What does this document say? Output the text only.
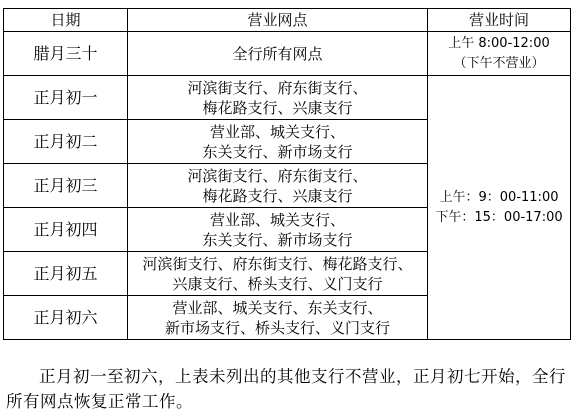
日期	营业网点	营业时间
腊月三十	全行所有网点	上午 8:00-12:00
（下午不营业）

正月初一	河滨街支行、府东街支行、
梅花路支行、兴康支行	上午：9：00-11:00
下午：15：00-17:00

正月初二	营业部、城关支行、
东关支行、新市场支行	

正月初三	河滨街支行、府东街支行、
梅花路支行、兴康支行	

正月初四	营业部、城关支行、
东关支行、新市场支行	

正月初五	河滨街支行、府东街支行、梅花路支行、
兴康支行、桥头支行、义门支行	

正月初六	营业部、城关支行、东关支行、
新市场支行、桥头支行、义门支行	

正月初一至初六，上表未列出的其他支行不营业，正月初七开始，全行所有网点恢复正常工作。
